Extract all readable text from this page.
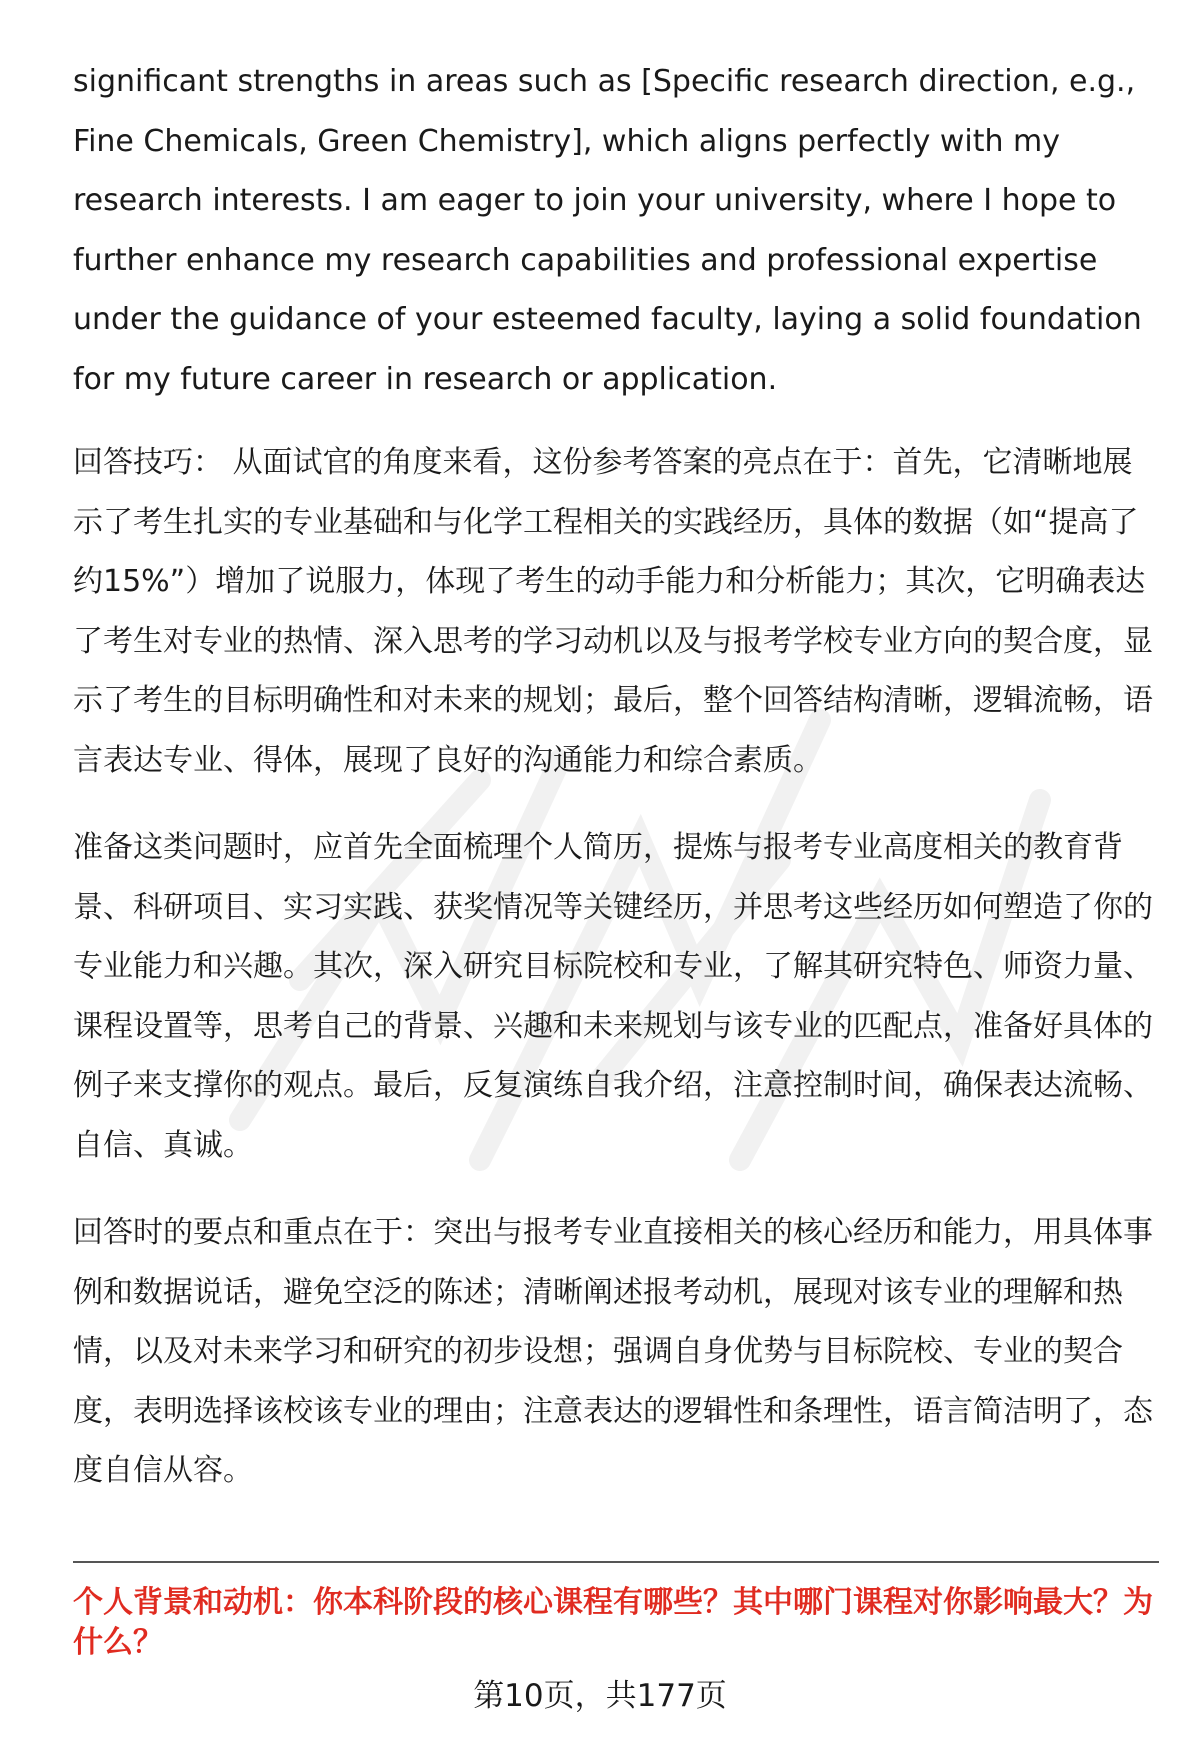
significant strengths in areas such as [Specific research direction, e.g., Fine Chemicals, Green Chemistry], which aligns perfectly with my research interests. I am eager to join your university, where I hope to further enhance my research capabilities and professional expertise under the guidance of your esteemed faculty, laying a solid foundation for my future career in research or application.

回答技巧： 从面试官的角度来看，这份参考答案的亮点在于：首先，它清晰地展示了考生扎实的专业基础和与化学工程相关的实践经历，具体的数据（如“提高了约15%”）增加了说服力，体现了考生的动手能力和分析能力；其次，它明确表达了考生对专业的热情、深入思考的学习动机以及与报考学校专业方向的契合度，显示了考生的目标明确性和对未来的规划；最后，整个回答结构清晰，逻辑流畅，语言表达专业、得体，展现了良好的沟通能力和综合素质。

准备这类问题时，应首先全面梳理个人简历，提炼与报考专业高度相关的教育背景、科研项目、实习实践、获奖情况等关键经历，并思考这些经历如何塑造了你的专业能力和兴趣。其次，深入研究目标院校和专业，了解其研究特色、师资力量、课程设置等，思考自己的背景、兴趣和未来规划与该专业的匹配点，准备好具体的例子来支撑你的观点。最后，反复演练自我介绍，注意控制时间，确保表达流畅、自信、真诚。

回答时的要点和重点在于：突出与报考专业直接相关的核心经历和能力，用具体事例和数据说话，避免空泛的陈述；清晰阐述报考动机，展现对该专业的理解和热情，以及对未来学习和研究的初步设想；强调自身优势与目标院校、专业的契合度，表明选择该校该专业的理由；注意表达的逻辑性和条理性，语言简洁明了，态度自信从容。

个人背景和动机：你本科阶段的核心课程有哪些？其中哪门课程对你影响最大？为什么？
第10页，共177页
